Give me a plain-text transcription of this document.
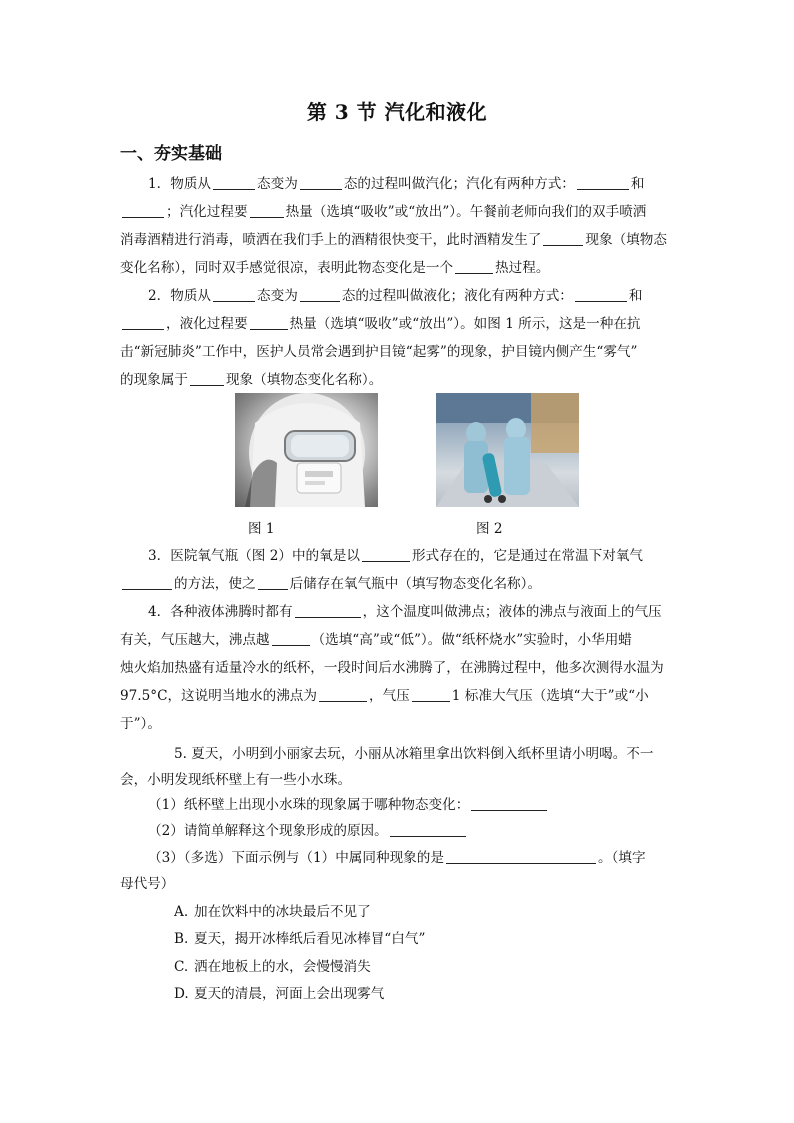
第 3 节 汽化和液化
一、夯实基础
1．物质从	态变为	态的过程叫做汽化；汽化有两种方式：	和
；汽化过程要	热量（选填“吸收”或“放出”）。午餐前老师向我们的双手喷洒
消毒酒精进行消毒，喷洒在我们手上的酒精很快变干，此时酒精发生了	现象（填物态
变化名称），同时双手感觉很凉，表明此物态变化是一个	热过程。
2．物质从	态变为	态的过程叫做液化；液化有两种方式：	和
，液化过程要	热量（选填“吸收”或“放出”）。如图 1 所示，这是一种在抗
击“新冠肺炎”工作中，医护人员常会遇到护目镜“起雾”的现象，护目镜内侧产生“雾气”
的现象属于	现象（填物态变化名称）。
图 1	图 2
3．医院氧气瓶（图 2）中的氧是以	形式存在的，它是通过在常温下对氧气
的方法，使之	后储存在氧气瓶中（填写物态变化名称）。
4．各种液体沸腾时都有	，这个温度叫做沸点；液体的沸点与液面上的气压
有关，气压越大，沸点越	（选填“高”或“低”）。做“纸杯烧水”实验时，小华用蜡
烛火焰加热盛有适量冷水的纸杯，一段时间后水沸腾了，在沸腾过程中，他多次测得水温为
97.5°C，这说明当地水的沸点为	，气压	1 标准大气压（选填“大于”或“小
于”）。
5. 夏天，小明到小丽家去玩，小丽从冰箱里拿出饮料倒入纸杯里请小明喝。不一
会，小明发现纸杯壁上有一些小水珠。
（1）纸杯壁上出现小水珠的现象属于哪种物态变化：
（2）请简单解释这个现象形成的原因。
（3）（多选）下面示例与（1）中属同种现象的是	。（填字
母代号）
A. 加在饮料中的冰块最后不见了
B. 夏天，揭开冰棒纸后看见冰棒冒“白气”
C. 洒在地板上的水，会慢慢消失
D. 夏天的清晨，河面上会出现雾气
